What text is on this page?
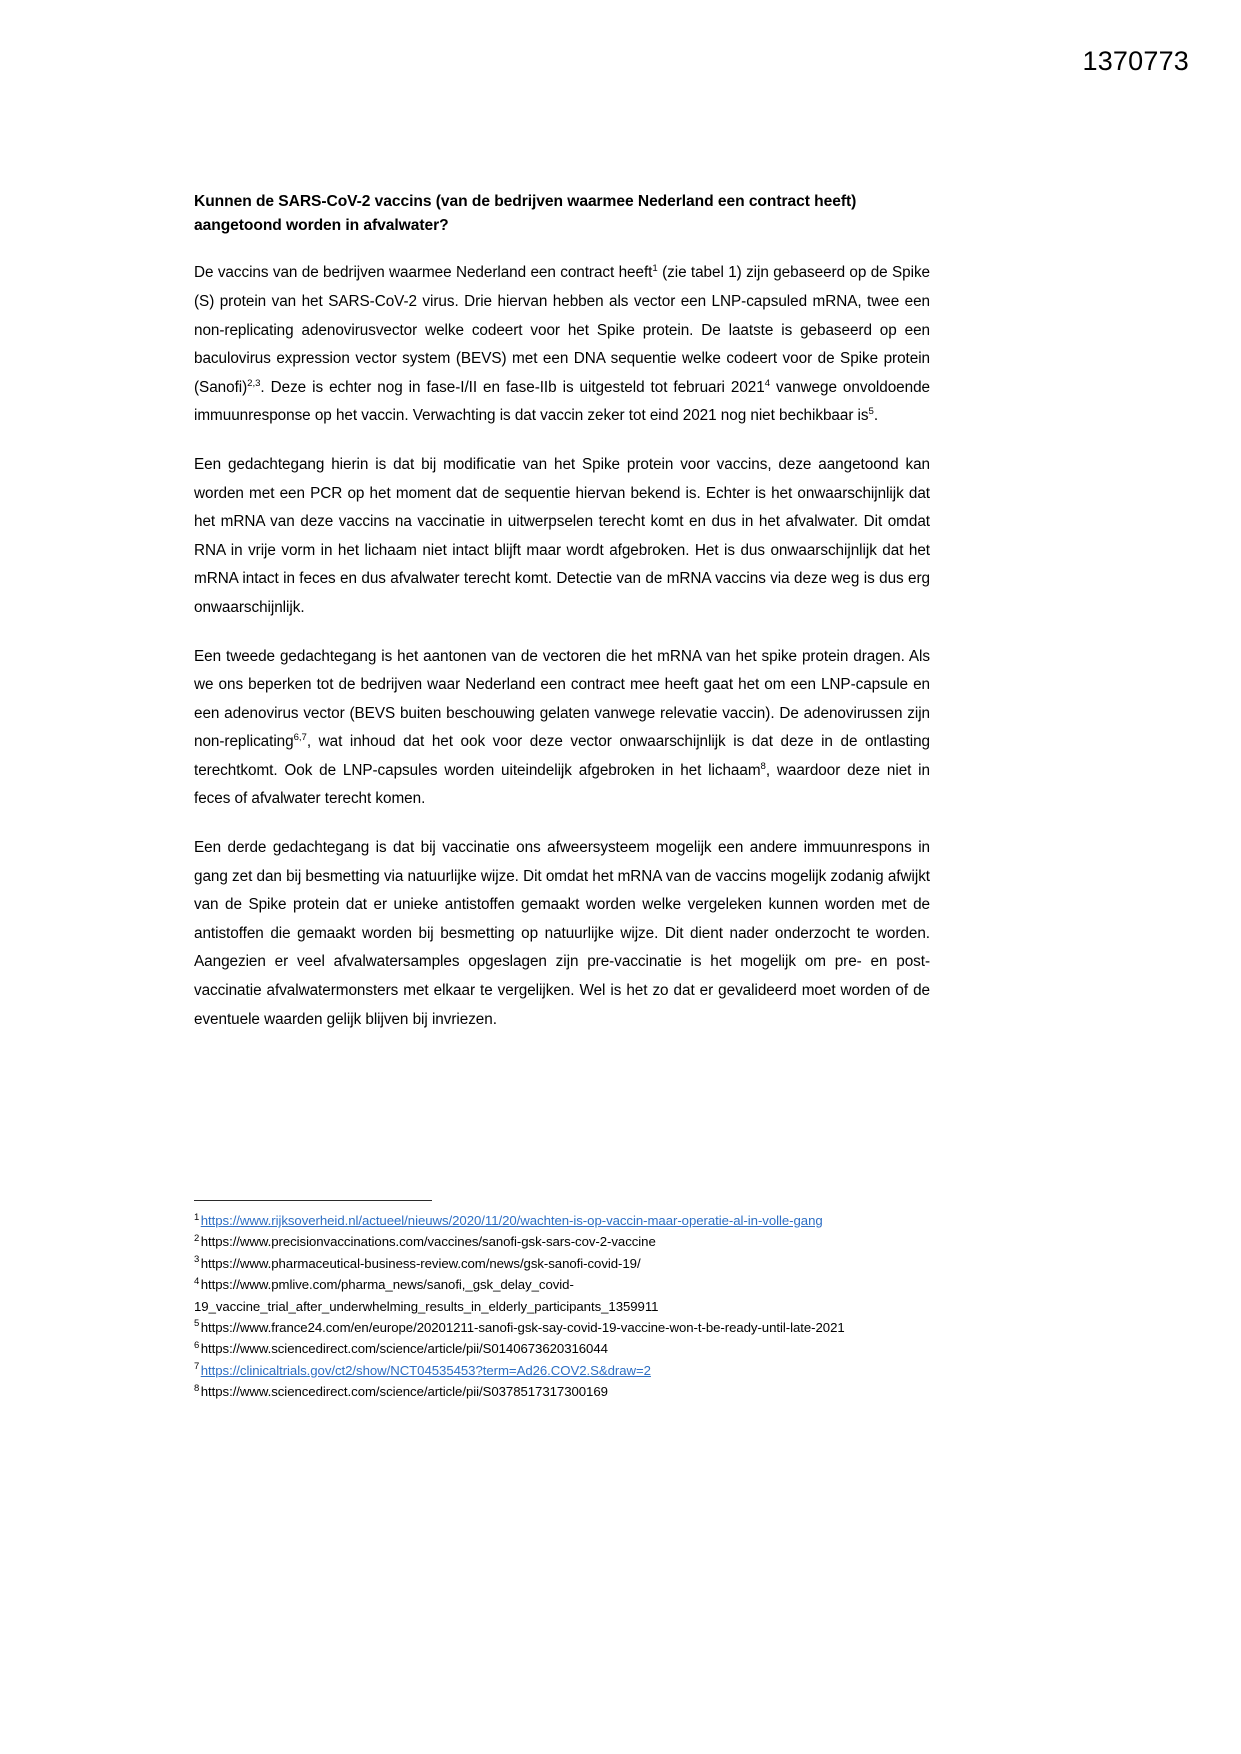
1370773
Kunnen de SARS-CoV-2 vaccins (van de bedrijven waarmee Nederland een contract heeft)
aangetoond worden in afvalwater?

De vaccins van de bedrijven waarmee Nederland een contract heeft$^1$ (zie tabel 1) zijn gebaseerd op de Spike (S) protein van het SARS-CoV-2 virus. Drie hiervan hebben als vector een LNP-capsuled mRNA, twee een non-replicating adenovirusvector welke codeert voor het Spike protein. De laatste is gebaseerd op een baculovirus expression vector system (BEVS) met een DNA sequentie welke codeert voor de Spike protein (Sanofi)$^{2,3}$. Deze is echter nog in fase-I/II en fase-IIb is uitgesteld tot februari 2021$^4$ vanwege onvoldoende immuunresponse op het vaccin. Verwachting is dat vaccin zeker tot eind 2021 nog niet bechikbaar $is^5$.

Een gedachtegang hierin is dat bij modificatie van het Spike protein voor vaccins, deze aangetoond kan worden met een PCR op het moment dat de sequentie hiervan bekend is. Echter is het onwaarschijnlijk dat het mRNA van deze vaccins na vaccinatie in uitwerpselen terecht komt en dus in het afvalwater. Dit omdat RNA in vrije vorm in het lichaam niet intact blijft maar wordt afgebroken. Het is dus onwaarschijnlijk dat het mRNA intact in feces en dus afvalwater terecht komt. Detectie van de mRNA vaccins via deze weg is dus erg onwaarschijnlijk.

Een tweede gedachtegang is het aantonen van de vectoren die het mRNA van het spike protein dragen. Als we ons beperken tot de bedrijven waar Nederland een contract mee heeft gaat het om een LNP-capsule en een adenovirus vector (BEVS buiten beschouwing gelaten vanwege relevatie vaccin). De adenovirussen zijn non-replicating$^{6,7}$, wat inhoud dat het ook voor deze vector onwaarschijnlijk is dat deze in de ontlasting terechtkomt. Ook de LNP-capsules worden uiteindelijk afgebroken in het lichaam$^8$, waardoor deze niet in feces of afvalwater terecht komen.

Een derde gedachtegang is dat bij vaccinatie ons afweersysteem mogelijk een andere immuunrespons in gang zet dan bij besmetting via natuurlijke wijze. Dit omdat het mRNA van de vaccins mogelijk zodanig afwijkt van de Spike protein dat er unieke antistoffen gemaakt worden welke vergeleken kunnen worden met de antistoffen die gemaakt worden bij besmetting op natuurlijke wijze. Dit dient nader onderzocht te worden. Aangezien er veel afvalwatersamples opgeslagen zijn pre-vaccinatie is het mogelijk om pre- en post-vaccinatie afvalwatermonsters met elkaar te vergelijken. Wel is het zo dat er gevalideerd moet worden of de eventuele waarden gelijk blijven bij invriezen.

$^1$ https://www.rijksoverheid.nl/actueel/nieuws/2020/11/20/wachten-is-op-vaccin-maar-operatie-al-in-volle-gang
$^2$ https://www.precisionvaccinations.com/vaccines/sanofi-gsk-sars-cov-2-vaccine
$^3$ https://www.pharmaceutical-business-review.com/news/gsk-sanofi-covid-19/
$^4$ https://www.pmlive.com/pharma_news/sanofi,_gsk_delay_covid-19_vaccine_trial_after_underwhelming_results_in_elderly_participants_1359911
$^5$ https://www.france24.com/en/europe/20201211-sanofi-gsk-say-covid-19-vaccine-won-t-be-ready-until-late-2021
$^6$ https://www.sciencedirect.com/science/article/pii/S0140673620316044
$^7$ https://clinicaltrials.gov/ct2/show/NCT04535453?term=Ad26.COV2.S&draw=2
$^8$ https://www.sciencedirect.com/science/article/pii/S0378517317300169
